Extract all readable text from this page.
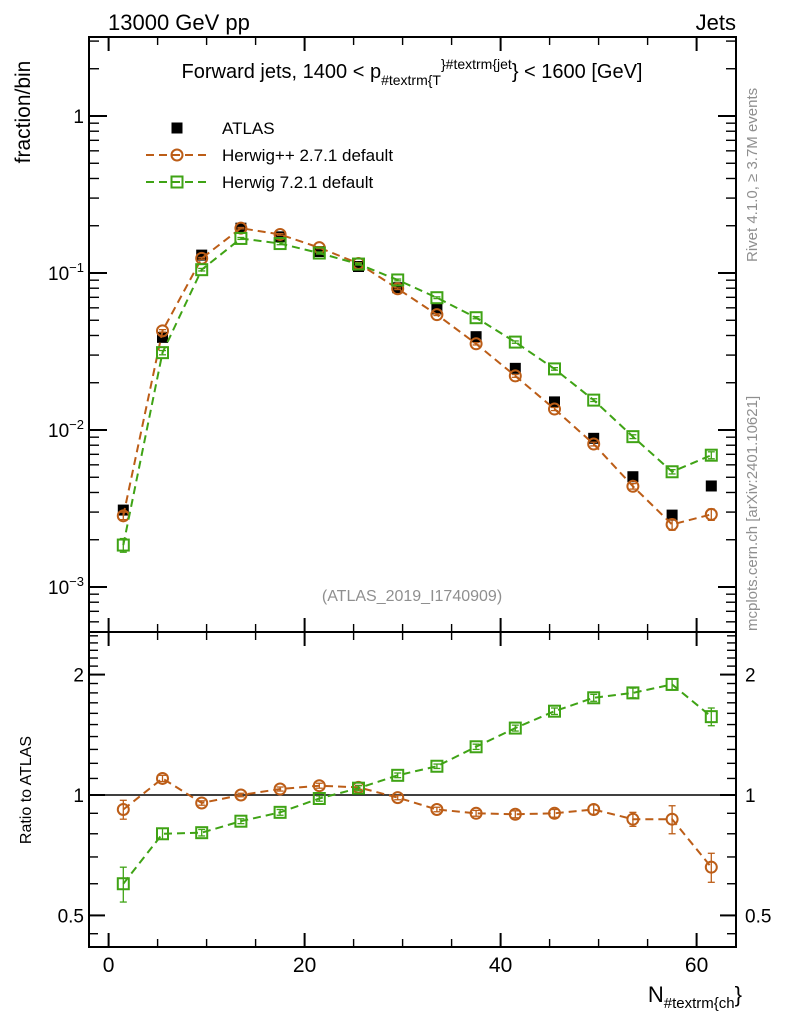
13000 GeV pp	Jets
fraction/bin
Ratio to ATLAS
Rivet 4.1.0, ≥ 3.7M events
mcplots.cern.ch [arXiv:2401.10621]
(ATLAS_2019_I1740909)
ATLAS
Herwig++ 2.7.1 default
Herwig 7.2.1 default
1
$10^{-1}$
$10^{-2}$
$10^{-3}$
2	2
1	1
0.5	0.5
0	20	40	60
$N_{\#textrm\{ch}$}
Forward jets, $1400 < p_{\#textrm\{T}^{\}\#textrm\{jet}\} < 1600$ [GeV]
